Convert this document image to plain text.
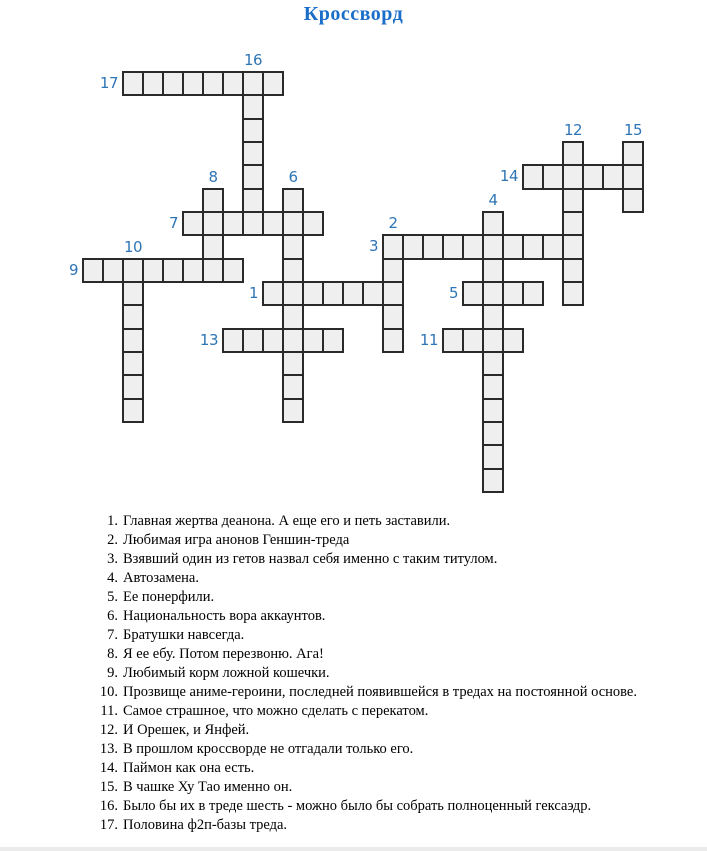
Кроссворд
17
16
12	15
14
8	6
7
4
3
2
9
10
1	5
13	11
1. Главная жертва деанона. А еще его и петь заставили.
2. Любимая игра анонов Геншин-треда
3. Взявший один из гетов назвал себя именно с таким титулом.
4. Автозамена.
5. Ее понерфили.
6. Национальность вора аккаунтов.
7. Братушки навсегда.
8. Я ее ебу. Потом перезвоню. Ага!
9. Любимый корм ложной кошечки.
10. Прозвище аниме-героини, последней появившейся в тредах на постоянной основе.
11. Самое страшное, что можно сделать с перекатом.
12. И Орешек, и Янфей.
13. В прошлом кроссворде не отгадали только его.
14. Паймон как она есть.
15. В чашке Ху Тао именно он.
16. Было бы их в треде шесть - можно было бы собрать полноценный гексаэдр.
17. Половина ф2п-базы треда.
